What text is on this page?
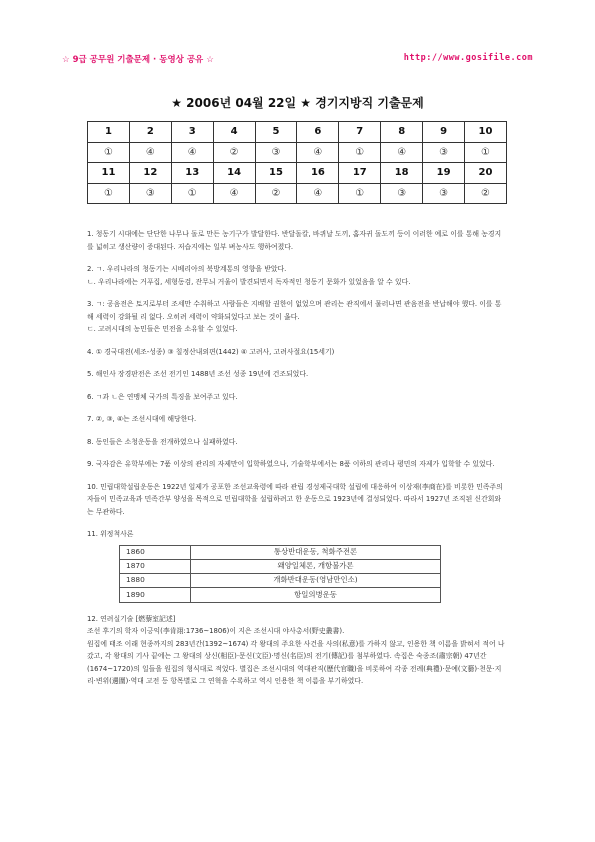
☆ 9급 공무원 기출문제 · 동영상 공유 ☆	http://www.gosifile.com
★ 2006년 04월 22일 ★ 경기지방직 기출문제
1	2	3	4	5	6	7	8	9	10
①	④	④	②	③	④	①	④	③	①
11	12	13	14	15	16	17	18	19	20
①	③	①	④	②	④	①	③	③	②

1. 청동기 시대에는 단단한 나무나 돌로 만든 농기구가 발달한다. 반달돌칼, 바퀴날 도끼, 홈자귀 돌도끼 등이 이러한 예로 이를 통해 농경지를 넓히고 생산량이 증대된다. 저습지에는 일부 벼농사도 행하여졌다.

2. ㄱ. 우리나라의 청동기는 시베리아의 북방계통의 영향을 받았다.
ㄴ. 우리나라에는 거푸집, 세형동검, 잔무늬 거울이 발견되면서 독자적인 청동기 문화가 있었음을 알 수 있다.

3. ㄱ: 공음전은 토지로부터 조세만 수취하고 사람들은 지배할 권한이 없었으며 관리는 관직에서 물러나면 관음전을 반납해야 했다. 이를 통해 세력이 강화될 리 없다. 오히려 세력이 약화되었다고 보는 것이 옳다.
ㄷ. 고려시대의 농민들은 민전을 소유할 수 있었다.

4. ① 경국대전(세조-성종) ③ 칠정산내외편(1442) ④ 고려사, 고려사절요(15세기)

5. 해인사 장경판전은 조선 전기인 1488년 조선 성종 19년에 건조되었다.

6. ㄱ과 ㄴ은 연맹체 국가의 특징을 보여주고 있다.

7. ②, ③, ④는 조선시대에 해당한다.

8. 동인들은 소청운동을 전개하였으나 실패하였다.

9. 국자감은 유학부에는 7품 이상의 관리의 자제만이 입학하였으나, 기술학부에서는 8품 이하의 관리나 평민의 자제가 입학할 수 있었다.

10. 민립대학설립운동은 1922년 일제가 공포한 조선교육령에 따라 관립 경성제국대학 설립에 대응하여 이상재(李商在)를 비롯한 민족주의자들이 민족교육과 민족간부 양성을 목적으로 민립대학을 설립하려고 한 운동으로 1923년에 결성되었다. 따라서 1927년 조직된 신간회와는 무관하다.

11. 위정척사론

1860	통상반대운동, 척화주전론
1870	왜양일체론, 개항불가론
1880	개화반대운동(영남만인소)
1890	항일의병운동

12. 연려실기술 [燃藜室記述]

조선 후기의 학자 이긍익(李肯翊:1736~1806)이 지은 조선시대 야사총서(野史叢書).
원집에 태조 이래 현종까지의 283년간(1392~1674) 각 왕대의 주요한 사건을 사의(私意)를 가하지 않고, 인용한 책 이름을 밝혀서 적어 나갔고, 각 왕대의 기사 끝에는 그 왕대의 상신(相臣)·문신(文臣)·명신(名臣)의 전기(傳記)를 첨부하였다. 속집은 숙종조(肅宗朝) 47년간(1674~1720)의 일들을 원집의 형식대로 적었다. 별집은 조선시대의 역대관직(歷代官職)을 비롯하여 각종 전례(典禮)·문예(文藝)·천문·지리·변위(邊圍)·역대 고전 등 항목별로 그 연혁을 수록하고 역시 인용한 책 이름을 부기하였다.
